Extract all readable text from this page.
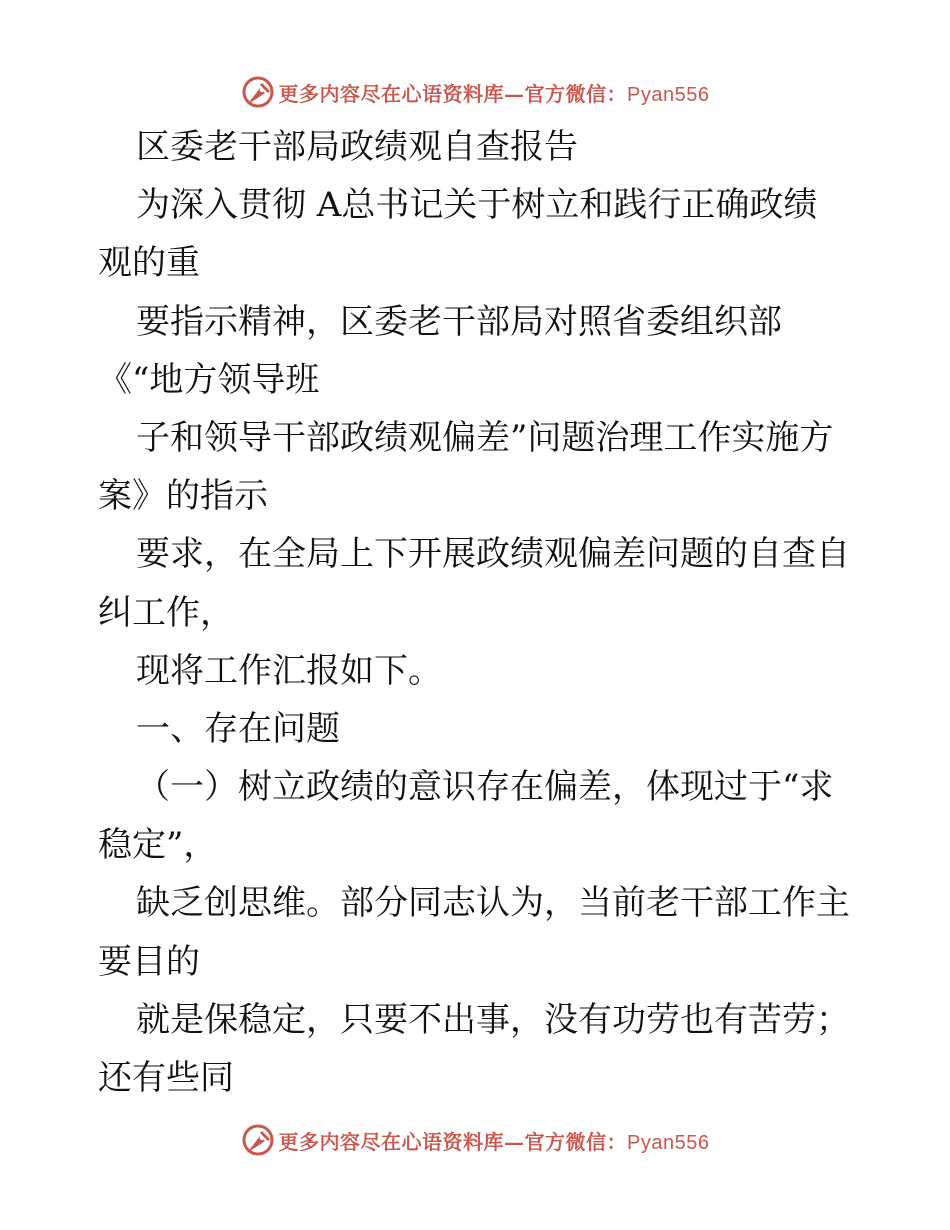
更多内容尽在心语资料库—官方微信：Pyan556
区委老干部局政绩观自查报告
为深入贯彻 A总书记关于树立和践行正确政绩
观的重
要指示精神，区委老干部局对照省委组织部
《“地方领导班
子和领导干部政绩观偏差”问题治理工作实施方
案》的指示
要求，在全局上下开展政绩观偏差问题的自查自
纠工作，
现将工作汇报如下。
一、存在问题
（一）树立政绩的意识存在偏差，体现过于“求
稳定”，
缺乏创思维。部分同志认为，当前老干部工作主
要目的
就是保稳定，只要不出事，没有功劳也有苦劳；
还有些同
更多内容尽在心语资料库—官方微信：Pyan556
